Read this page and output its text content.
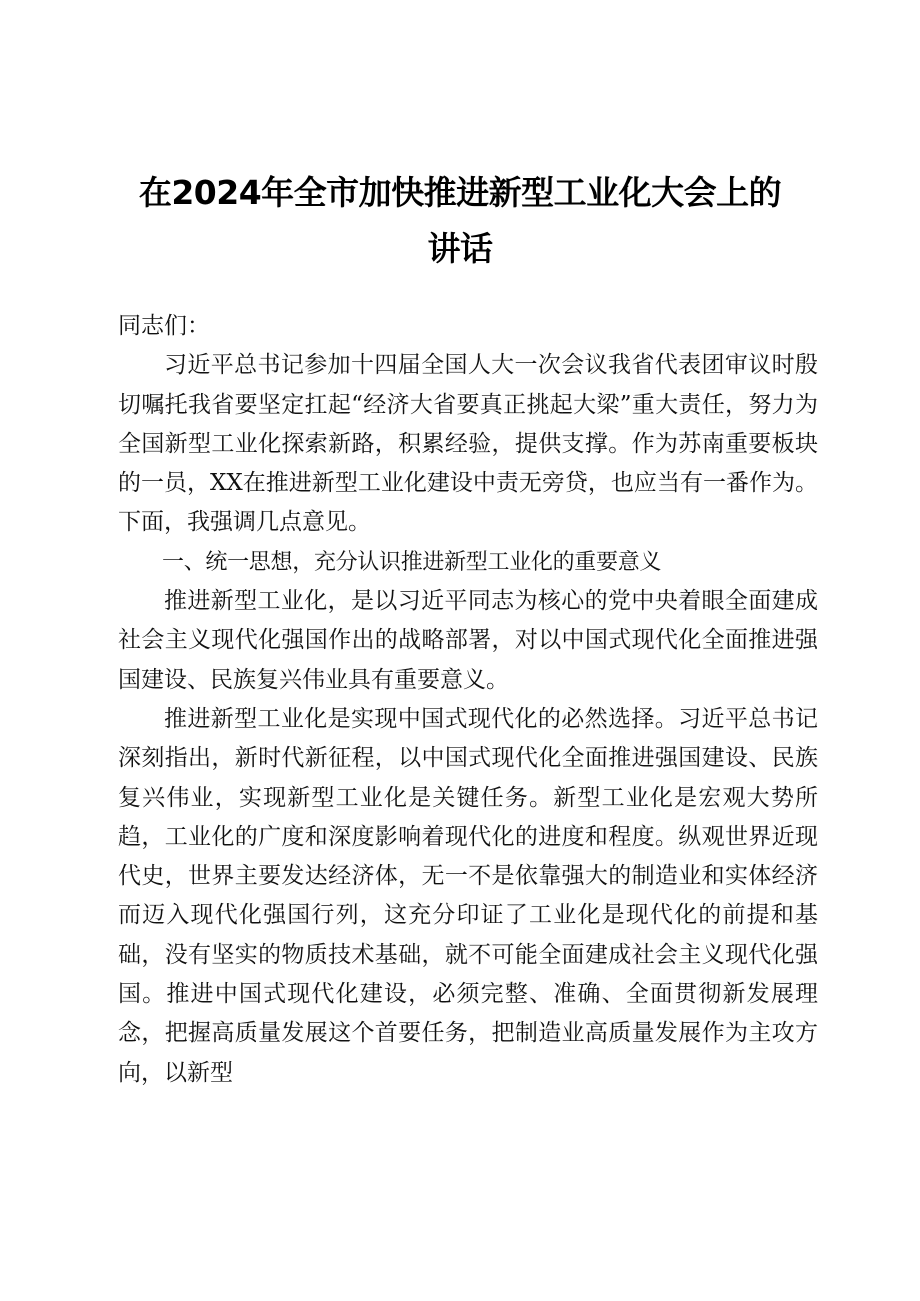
在2024年全市加快推进新型工业化大会上的
讲话

同志们：

习近平总书记参加十四届全国人大一次会议我省代表团审议时殷切嘱托我省要坚定扛起“经济大省要真正挑起大梁”重大责任，努力为全国新型工业化探索新路，积累经验，提供支撑。作为苏南重要板块的一员，XX在推进新型工业化建设中责无旁贷，也应当有一番作为。下面，我强调几点意见。

一、统一思想，充分认识推进新型工业化的重要意义

推进新型工业化，是以习近平同志为核心的党中央着眼全面建成社会主义现代化强国作出的战略部署，对以中国式现代化全面推进强国建设、民族复兴伟业具有重要意义。

推进新型工业化是实现中国式现代化的必然选择。习近平总书记深刻指出，新时代新征程，以中国式现代化全面推进强国建设、民族复兴伟业，实现新型工业化是关键任务。新型工业化是宏观大势所趋，工业化的广度和深度影响着现代化的进度和程度。纵观世界近现代史，世界主要发达经济体，无一不是依靠强大的制造业和实体经济而迈入现代化强国行列，这充分印证了工业化是现代化的前提和基础，没有坚实的物质技术基础，就不可能全面建成社会主义现代化强国。推进中国式现代化建设，必须完整、准确、全面贯彻新发展理念，把握高质量发展这个首要任务，把制造业高质量发展作为主攻方向，以新型
